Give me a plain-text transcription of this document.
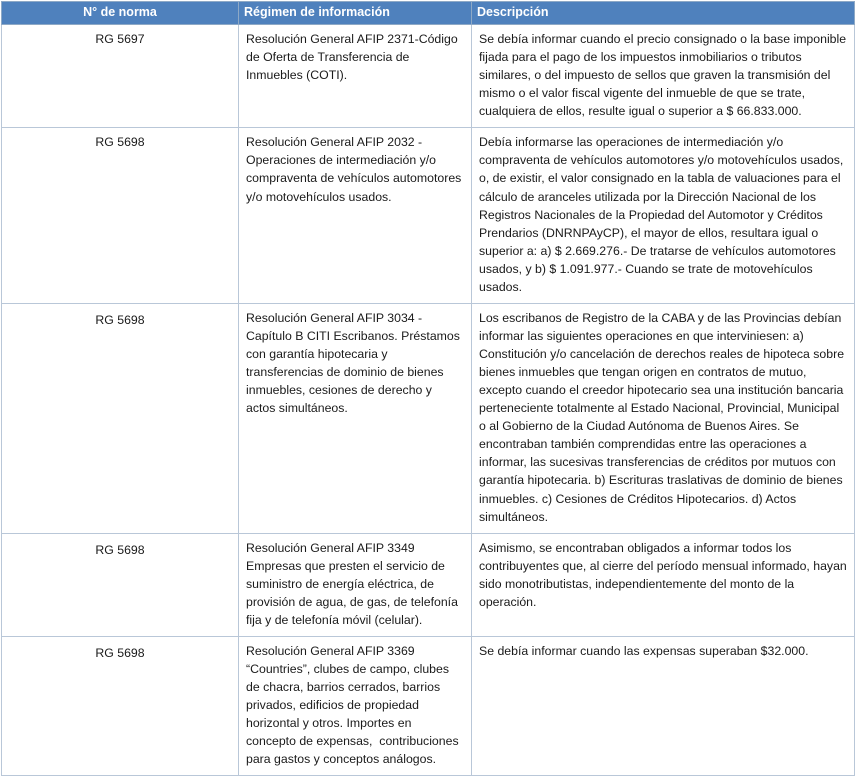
N° de norma	Régimen de información	Descripción

RG 5697	Resolución General AFIP 2371-Código de Oferta de Transferencia de Inmuebles (COTI).	Se debía informar cuando el precio consignado o la base imponible fijada para el pago de los impuestos inmobiliarios o tributos similares, o del impuesto de sellos que graven la transmisión del mismo o el valor fiscal vigente del inmueble de que se trate, cualquiera de ellos, resulte igual o superior a $ 66.833.000.

RG 5698	Resolución General AFIP 2032 - Operaciones de intermediación y/o compraventa de vehículos automotores y/o motovehículos usados.	Debía informarse las operaciones de intermediación y/o compraventa de vehículos automotores y/o motovehículos usados, o, de existir, el valor consignado en la tabla de valuaciones para el cálculo de aranceles utilizada por la Dirección Nacional de los Registros Nacionales de la Propiedad del Automotor y Créditos Prendarios (DNRNPAyCP), el mayor de ellos, resultara igual o superior a: a) $ 2.669.276.- De tratarse de vehículos automotores usados, y b) $ 1.091.977.- Cuando se trate de motovehículos usados.

RG 5698	Resolución General AFIP 3034 -Capítulo B CITI Escribanos. Préstamos con garantía hipotecaria y transferencias de dominio de bienes inmuebles, cesiones de derecho y actos simultáneos.	Los escribanos de Registro de la CABA y de las Provincias debían informar las siguientes operaciones en que interviniesen: a) Constitución y/o cancelación de derechos reales de hipoteca sobre bienes inmuebles que tengan origen en contratos de mutuo, excepto cuando el creedor hipotecario sea una institución bancaria perteneciente totalmente al Estado Nacional, Provincial, Municipal o al Gobierno de la Ciudad Autónoma de Buenos Aires. Se encontraban también comprendidas entre las operaciones a informar, las sucesivas transferencias de créditos por mutuos con garantía hipotecaria. b) Escrituras traslativas de dominio de bienes inmuebles. c) Cesiones de Créditos Hipotecarios. d) Actos simultáneos.

RG 5698	Resolución General AFIP 3349 Empresas que presten el servicio de suministro de energía eléctrica, de provisión de agua, de gas, de telefonía fija y de telefonía móvil (celular).	Asimismo, se encontraban obligados a informar todos los contribuyentes que, al cierre del período mensual informado, hayan sido monotributistas, independientemente del monto de la operación.

RG 5698	Resolución General AFIP 3369 “Countries”, clubes de campo, clubes de chacra, barrios cerrados, barrios privados, edificios de propiedad horizontal y otros. Importes en concepto de expensas,  contribuciones para gastos y conceptos análogos.	Se debía informar cuando las expensas superaban $32.000.
